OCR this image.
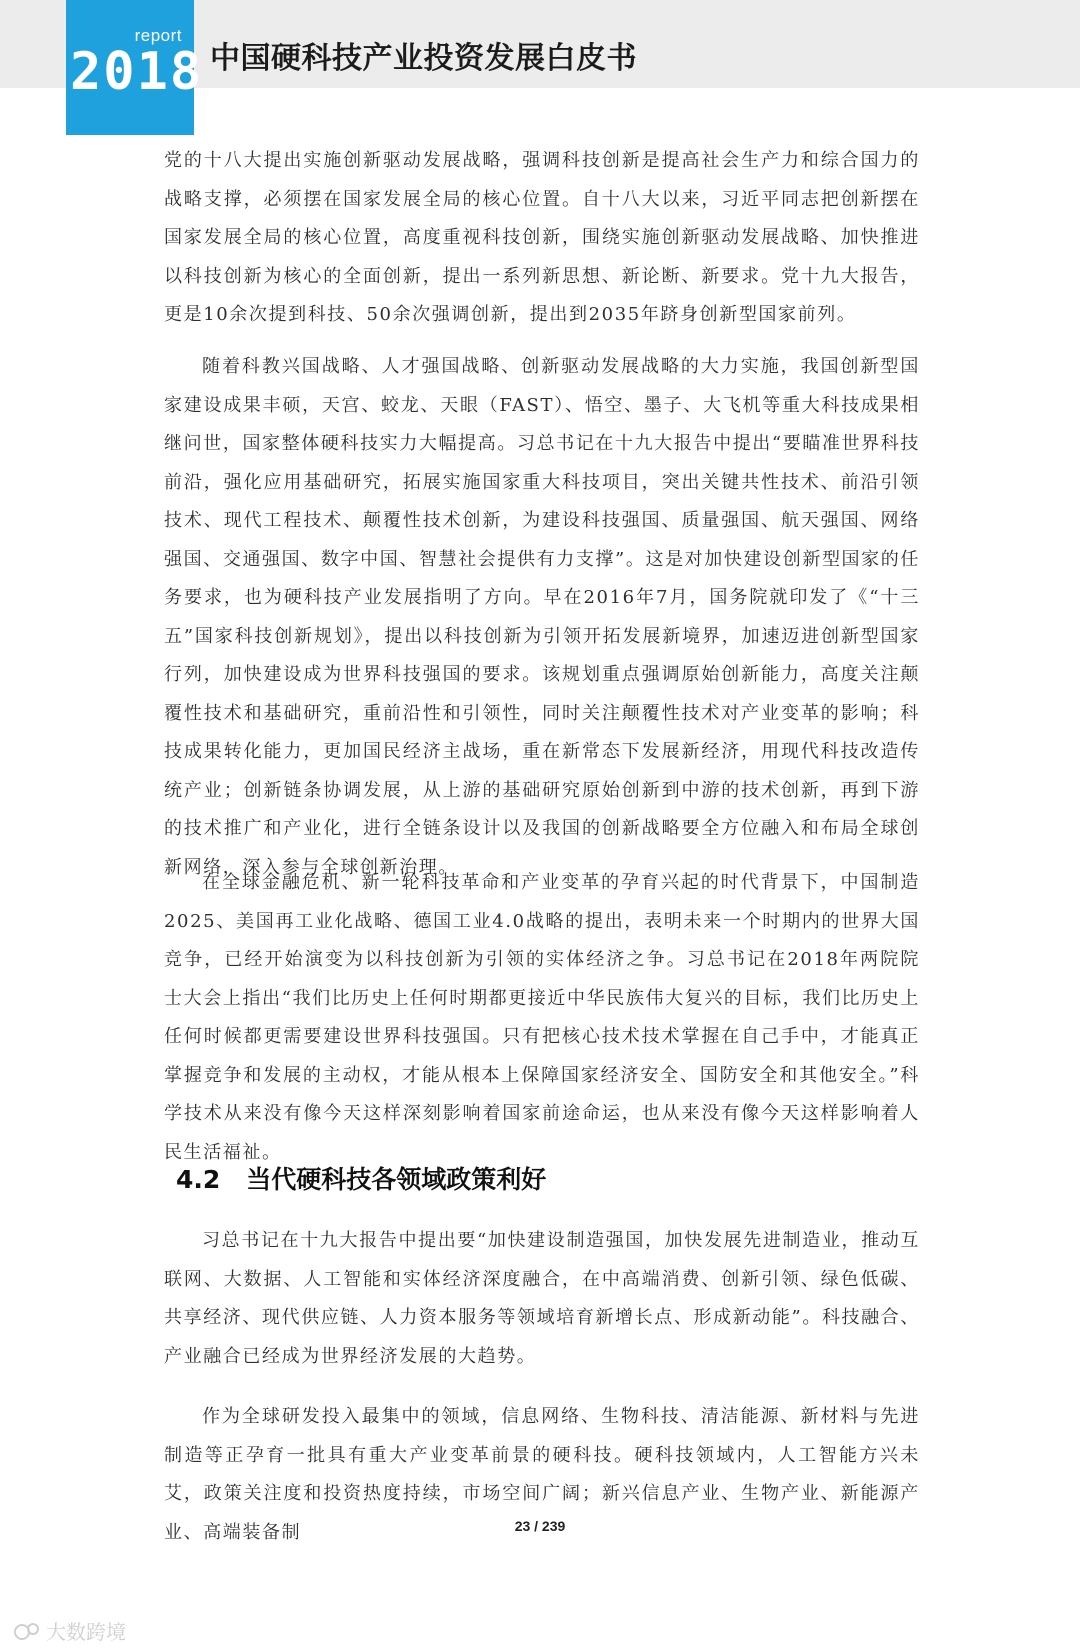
report
2018 中国硬科技产业投资发展白皮书

党的十八大提出实施创新驱动发展战略，强调科技创新是提高社会生产力和综合国力的战略支撑，必须摆在国家发展全局的核心位置。自十八大以来，习近平同志把创新摆在国家发展全局的核心位置，高度重视科技创新，围绕实施创新驱动发展战略、加快推进以科技创新为核心的全面创新，提出一系列新思想、新论断、新要求。党十九大报告，更是10余次提到科技、50余次强调创新，提出到2035年跻身创新型国家前列。

随着科教兴国战略、人才强国战略、创新驱动发展战略的大力实施，我国创新型国家建设成果丰硕，天宫、蛟龙、天眼（FAST）、悟空、墨子、大飞机等重大科技成果相继问世，国家整体硬科技实力大幅提高。习总书记在十九大报告中提出“要瞄准世界科技前沿，强化应用基础研究，拓展实施国家重大科技项目，突出关键共性技术、前沿引领技术、现代工程技术、颠覆性技术创新，为建设科技强国、质量强国、航天强国、网络强国、交通强国、数字中国、智慧社会提供有力支撑”。这是对加快建设创新型国家的任务要求，也为硬科技产业发展指明了方向。早在2016年7月，国务院就印发了《“十三五”国家科技创新规划》，提出以科技创新为引领开拓发展新境界，加速迈进创新型国家行列，加快建设成为世界科技强国的要求。该规划重点强调原始创新能力，高度关注颠覆性技术和基础研究，重前沿性和引领性，同时关注颠覆性技术对产业变革的影响；科技成果转化能力，更加国民经济主战场，重在新常态下发展新经济，用现代科技改造传统产业；创新链条协调发展，从上游的基础研究原始创新到中游的技术创新，再到下游的技术推广和产业化，进行全链条设计以及我国的创新战略要全方位融入和布局全球创新网络，深入参与全球创新治理。

在全球金融危机、新一轮科技革命和产业变革的孕育兴起的时代背景下，中国制造2025、美国再工业化战略、德国工业4.0战略的提出，表明未来一个时期内的世界大国竞争，已经开始演变为以科技创新为引领的实体经济之争。习总书记在2018年两院院士大会上指出“我们比历史上任何时期都更接近中华民族伟大复兴的目标，我们比历史上任何时候都更需要建设世界科技强国。只有把核心技术技术掌握在自己手中，才能真正掌握竞争和发展的主动权，才能从根本上保障国家经济安全、国防安全和其他安全。”科学技术从来没有像今天这样深刻影响着国家前途命运，也从来没有像今天这样影响着人民生活福祉。

4.2 当代硬科技各领域政策利好

习总书记在十九大报告中提出要“加快建设制造强国，加快发展先进制造业，推动互联网、大数据、人工智能和实体经济深度融合，在中高端消费、创新引领、绿色低碳、共享经济、现代供应链、人力资本服务等领域培育新增长点、形成新动能”。科技融合、产业融合已经成为世界经济发展的大趋势。

作为全球研发投入最集中的领域，信息网络、生物科技、清洁能源、新材料与先进制造等正孕育一批具有重大产业变革前景的硬科技。硬科技领域内，人工智能方兴未艾，政策关注度和投资热度持续，市场空间广阔；新兴信息产业、生物产业、新能源产业、高端装备制	23 / 239
大数跨境
